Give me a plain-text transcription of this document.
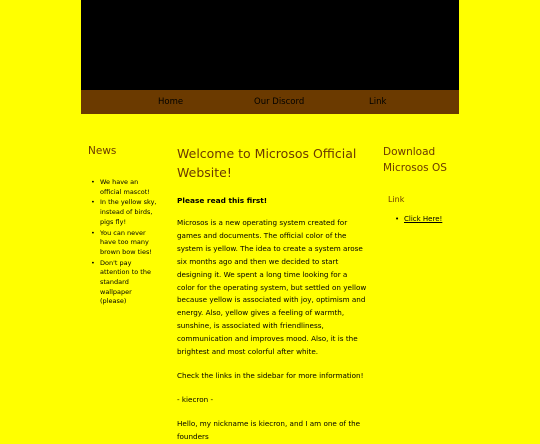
Home	Our Discord	Link
News
• We have an official mascot!
• In the yellow sky, instead of birds, pigs fly!
• You can never have too many brown bow ties!
• Don't pay attention to the standard wallpaper (please)
Welcome to Microsos Official Website!

Please read this first!

Microsos is a new operating system created for games and documents. The official color of the system is yellow. The idea to create a system arose six months ago and then we decided to start designing it. We spent a long time looking for a color for the operating system, but settled on yellow because yellow is associated with joy, optimism and energy. Also, yellow gives a feeling of warmth, sunshine, is associated with friendliness, communication and improves mood. Also, it is the brightest and most colorful after white.

Check the links in the sidebar for more information!

- kiecron -

Hello, my nickname is kiecron, and I am one of the founders

Download Microsos OS
Link
• Click Here!
